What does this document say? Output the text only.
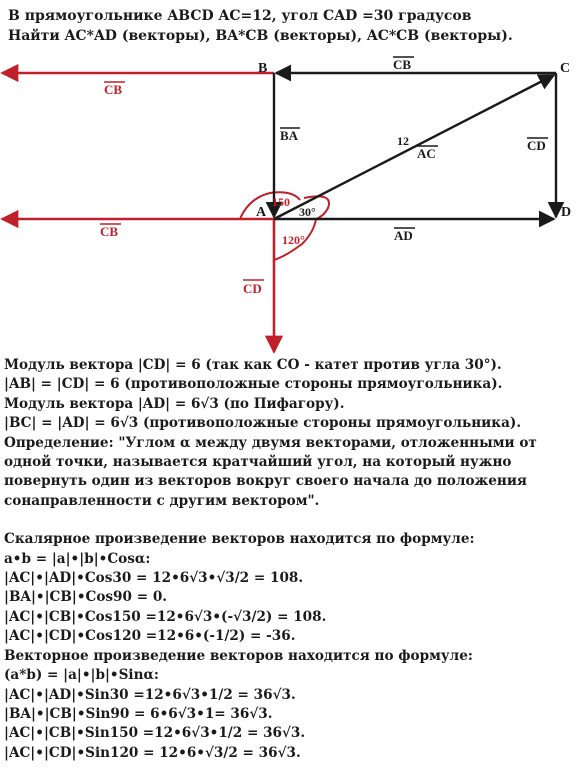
В прямоугольнике ABCD AC=12, угол CAD =30 градусов
Найти AC*AD (векторы), BA*CB (векторы), AC*CB (векторы).
B	C
A	D
CB
BA	12
AC
CD
AD
CB
CB
CD
150
30°
120°
Модуль вектора |CD| = 6 (так как CO - катет против угла 30°).
|AB| = |CD| = 6 (противоположные стороны прямоугольника).
Модуль вектора |AD| = 6√3 (по Пифагору).
|BC| = |AD| = 6√3 (противоположные стороны прямоугольника).
Определение: "Углом α между двумя векторами, отложенными от одной точки, называется кратчайший угол, на который нужно повернуть один из векторов вокруг своего начала до положения сонаправленности с другим вектором".
Скалярное произведение векторов находится по формуле:
a•b = |a|•|b|•Cosα:
|AC|•|AD|•Cos30 = 12•6√3•√3/2 = 108.
|BA|•|CB|•Cos90 = 0.
|AC|•|CB|•Cos150 =12•6√3•(-√3/2) = 108.
|AC|•|CD|•Cos120 =12•6•(-1/2) = -36.
Векторное произведение векторов находится по формуле:
(a*b) = |a|•|b|•Sinα:
|AC|•|AD|•Sin30 =12•6√3•1/2 = 36√3.
|BA|•|CB|•Sin90 = 6•6√3•1= 36√3.
|AC|•|CB|•Sin150 =12•6√3•1/2 = 36√3.
|AC|•|CD|•Sin120 = 12•6•√3/2 = 36√3.
